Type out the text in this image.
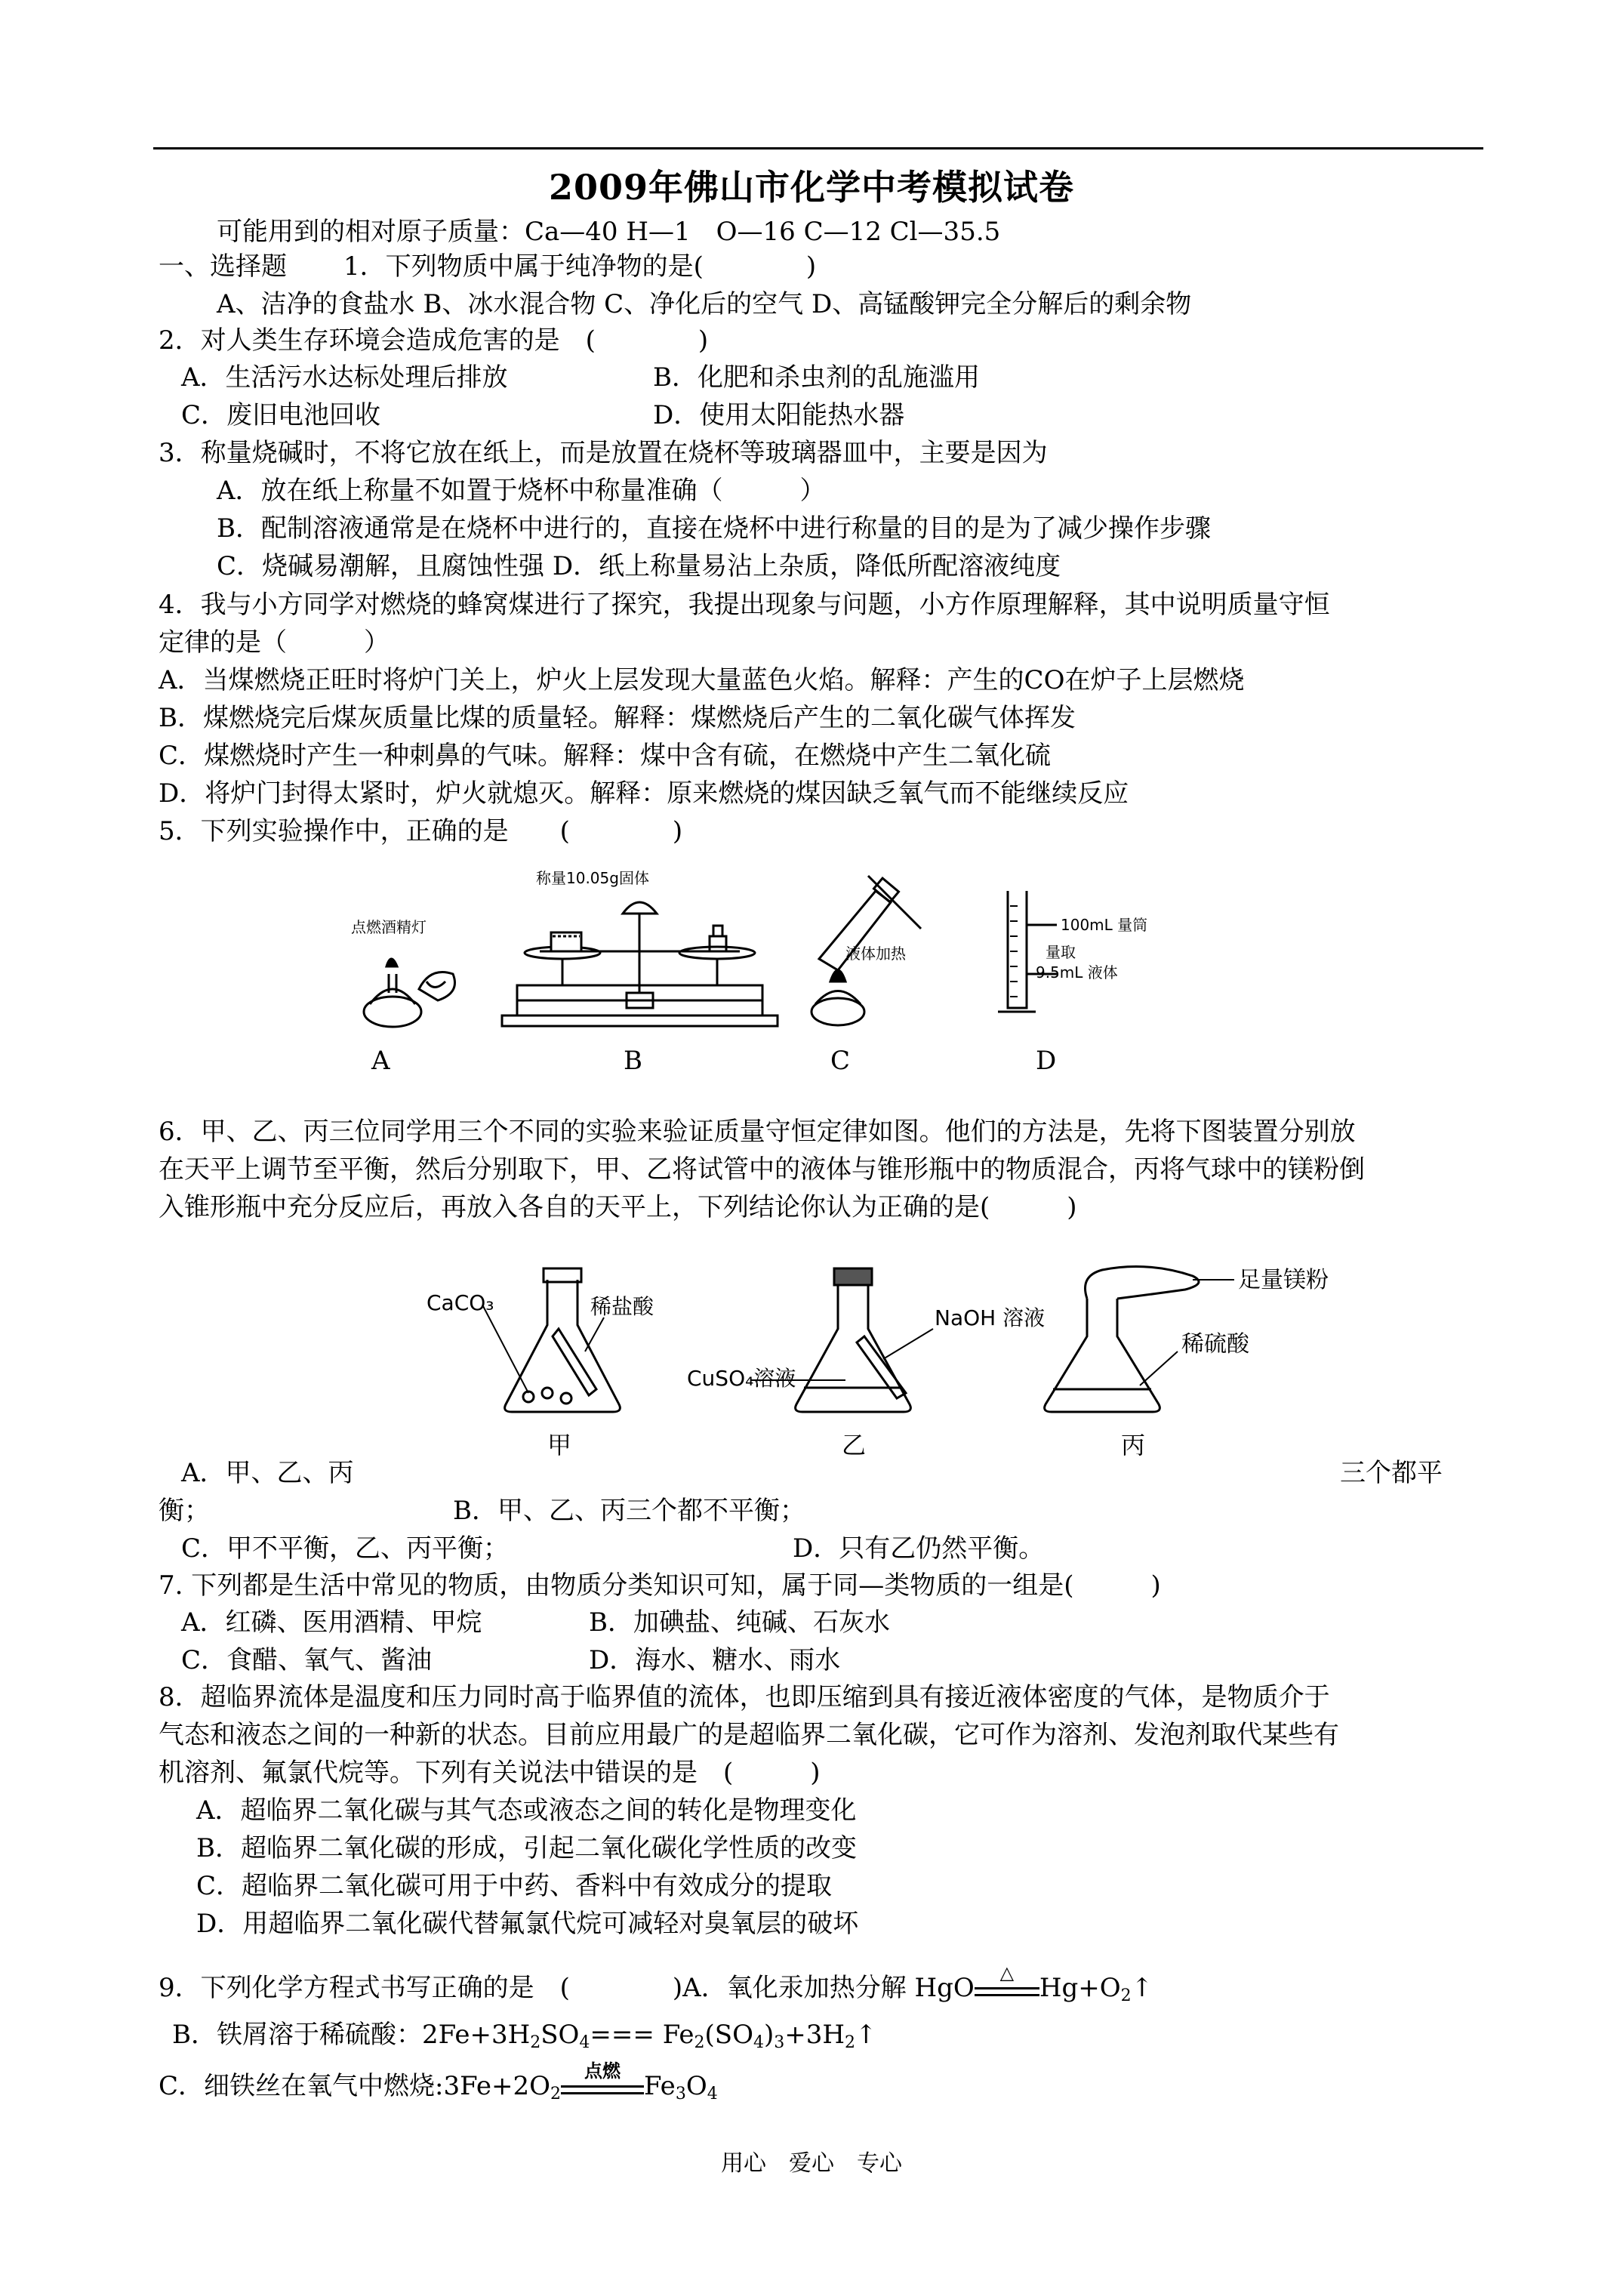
2009年佛山市化学中考模拟试卷
可能用到的相对原子质量：Ca—40 H—1　O—16 C—12 Cl—35.5
一、选择题 1．下列物质中属于纯净物的是(　　　　)
A、洁净的食盐水 B、冰水混合物 C、净化后的空气 D、高锰酸钾完全分解后的剩余物
2．对人类生存环境会造成危害的是　(　　　　)
A．生活污水达标处理后排放	B．化肥和杀虫剂的乱施滥用
C．废旧电池回收	D．使用太阳能热水器
3．称量烧碱时，不将它放在纸上，而是放置在烧杯等玻璃器皿中，主要是因为
A．放在纸上称量不如置于烧杯中称量准确（　　　）
B．配制溶液通常是在烧杯中进行的，直接在烧杯中进行称量的目的是为了减少操作步骤
C．烧碱易潮解，且腐蚀性强 D．纸上称量易沾上杂质，降低所配溶液纯度
4．我与小方同学对燃烧的蜂窝煤进行了探究，我提出现象与问题，小方作原理解释，其中说明质量守恒
定律的是（　　　）
A．当煤燃烧正旺时将炉门关上，炉火上层发现大量蓝色火焰。解释：产生的CO在炉子上层燃烧
B．煤燃烧完后煤灰质量比煤的质量轻。解释：煤燃烧后产生的二氧化碳气体挥发
C．煤燃烧时产生一种刺鼻的气味。解释：煤中含有硫，在燃烧中产生二氧化硫
D．将炉门封得太紧时，炉火就熄灭。解释：原来燃烧的煤因缺乏氧气而不能继续反应
5．下列实验操作中，正确的是　　(　　　　)
点燃酒精灯
称量10.05g固体
液体加热
100mL 量筒
量取
9.5mL 液体
A	B	C	D
6．甲、乙、丙三位同学用三个不同的实验来验证质量守恒定律如图。他们的方法是，先将下图装置分别放
在天平上调节至平衡，然后分别取下，甲、乙将试管中的液体与锥形瓶中的物质混合，丙将气球中的镁粉倒
入锥形瓶中充分反应后，再放入各自的天平上，下列结论你认为正确的是(　　　)
CaCO₃	稀盐酸
甲
CuSO₄溶液
NaOH 溶液
乙
足量镁粉
稀硫酸
丙
A．甲、乙、丙	三个都平
衡；	B．甲、乙、丙三个都不平衡；
C．甲不平衡，乙、丙平衡；	D．只有乙仍然平衡。
7. 下列都是生活中常见的物质，由物质分类知识可知，属于同—类物质的一组是(　　　)
A．红磷、医用酒精、甲烷	B．加碘盐、纯碱、石灰水
C．食醋、氧气、酱油	D．海水、糖水、雨水
8．超临界流体是温度和压力同时高于临界值的流体，也即压缩到具有接近液体密度的气体，是物质介于
气态和液态之间的一种新的状态。目前应用最广的是超临界二氧化碳，它可作为溶剂、发泡剂取代某些有
机溶剂、氟氯代烷等。下列有关说法中错误的是　(　　　)
A．超临界二氧化碳与其气态或液态之间的转化是物理变化
B．超临界二氧化碳的形成，引起二氧化碳化学性质的改变
C．超临界二氧化碳可用于中药、香料中有效成分的提取
D．用超临界二氧化碳代替氟氯代烷可减轻对臭氧层的破坏
9．下列化学方程式书写正确的是　(　　　　)A．氧化汞加热分解 HgO	△ $Hg+O_2↑$
B．铁屑溶于稀硫酸：$2Fe+3H_2SO_4===$ $Fe_2(SO_4)_3+3H_2↑$
C．细铁丝在氧气中燃烧$:3Fe+2O_2$
点燃 $Fe_3O_4$
用心　爱心　专心
